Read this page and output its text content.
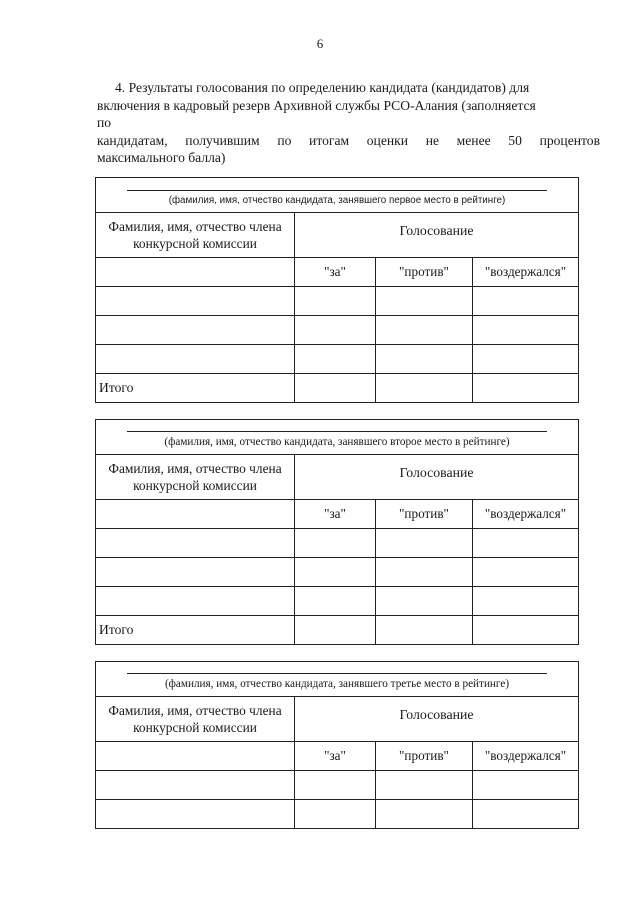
6
4. Результаты голосования по определению кандидата (кандидатов) для
включения в кадровый резерв Архивной службы РСО-Алания (заполняется
по
кандидатам, получившим по итогам оценки не менее 50 процентов
максимального балла)
(фамилия, имя, отчество кандидата, занявшего первое место в рейтинге)			

Фамилия, имя, отчество члена конкурсной комиссии	Голосование		
	"за"	"против"	"воздержался"

Итого			
(фамилия, имя, отчество кандидата, занявшего второе место в рейтинге)			

Фамилия, имя, отчество члена конкурсной комиссии	Голосование		
	"за"	"против"	"воздержался"

Итого			
(фамилия, имя, отчество кандидата, занявшего третье место в рейтинге)			

Фамилия, имя, отчество члена конкурсной комиссии	Голосование		
	"за"	"против"	"воздержался"
